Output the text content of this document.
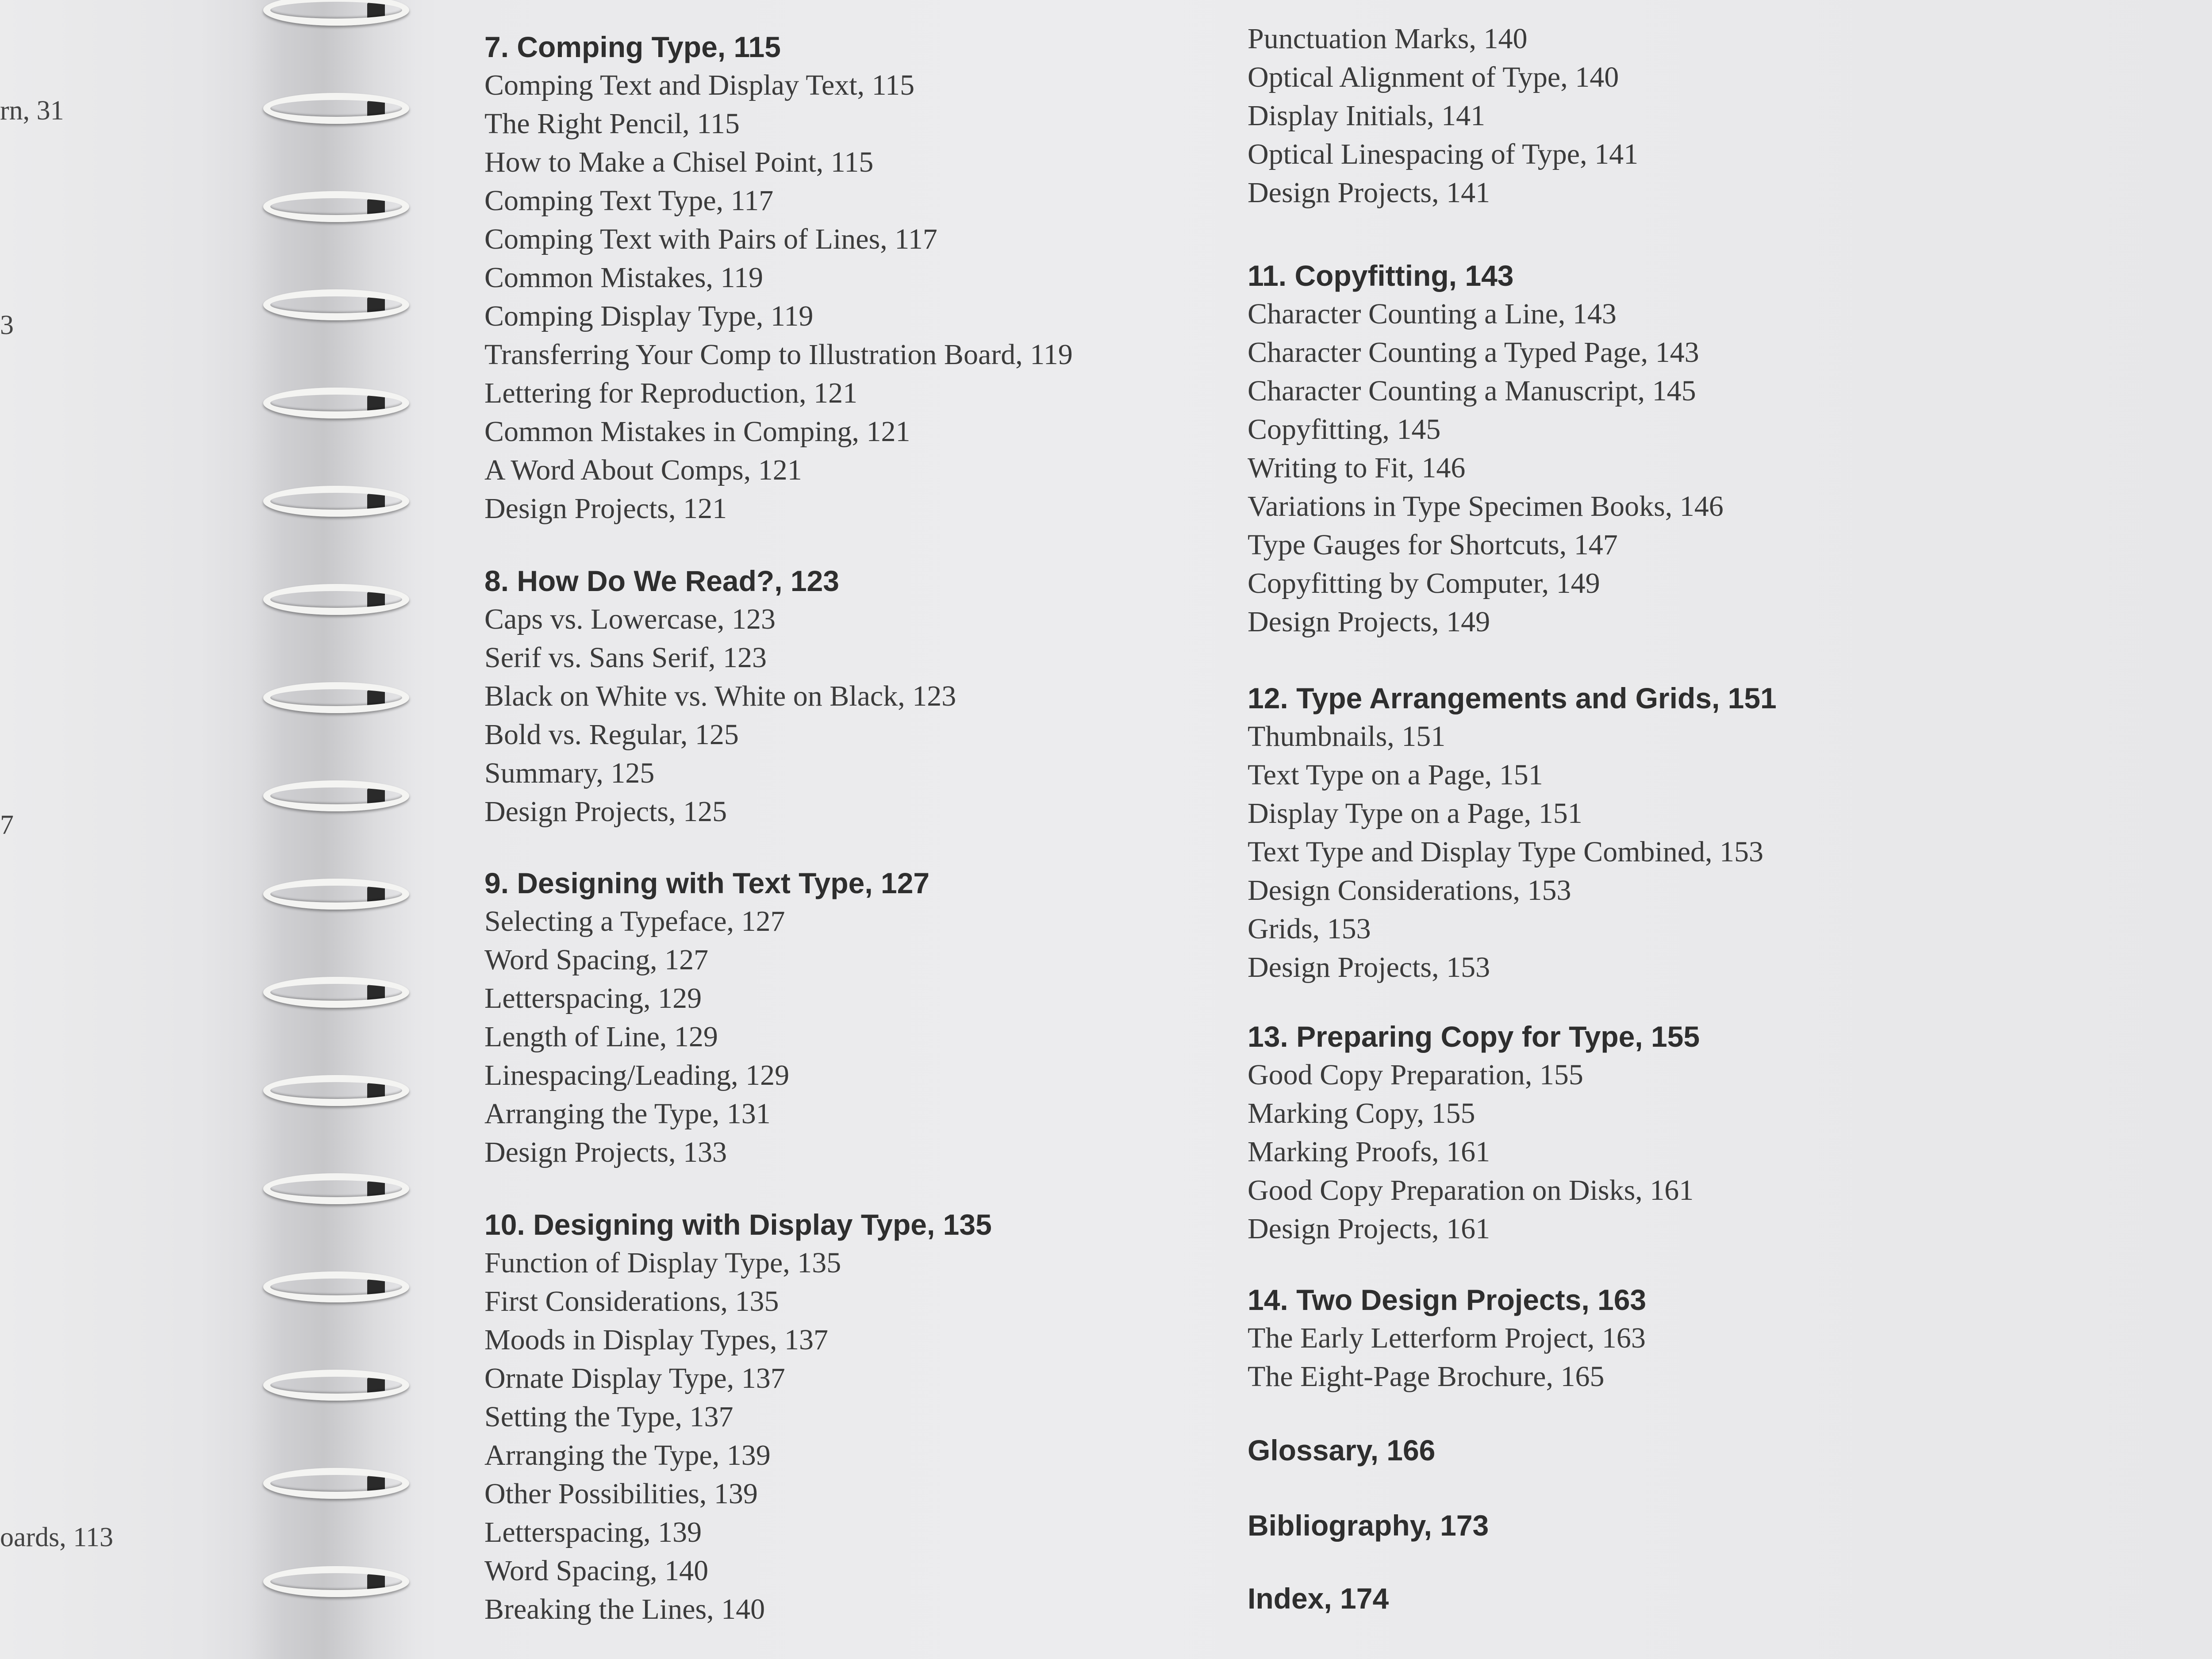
rn, 31
3
7
oards, 113
7. Comping Type, 115
Comping Text and Display Text, 115
The Right Pencil, 115
How to Make a Chisel Point, 115
Comping Text Type, 117
Comping Text with Pairs of Lines, 117
Common Mistakes, 119
Comping Display Type, 119
Transferring Your Comp to Illustration Board, 119
Lettering for Reproduction, 121
Common Mistakes in Comping, 121
A Word About Comps, 121
Design Projects, 121
8. How Do We Read?, 123
Caps vs. Lowercase, 123
Serif vs. Sans Serif, 123
Black on White vs. White on Black, 123
Bold vs. Regular, 125
Summary, 125
Design Projects, 125
9. Designing with Text Type, 127
Selecting a Typeface, 127
Word Spacing, 127
Letterspacing, 129
Length of Line, 129
Linespacing/Leading, 129
Arranging the Type, 131
Design Projects, 133
10. Designing with Display Type, 135
Function of Display Type, 135
First Considerations, 135
Moods in Display Types, 137
Ornate Display Type, 137
Setting the Type, 137
Arranging the Type, 139
Other Possibilities, 139
Letterspacing, 139
Word Spacing, 140
Breaking the Lines, 140
Punctuation Marks, 140
Optical Alignment of Type, 140
Display Initials, 141
Optical Linespacing of Type, 141
Design Projects, 141
11. Copyfitting, 143
Character Counting a Line, 143
Character Counting a Typed Page, 143
Character Counting a Manuscript, 145
Copyfitting, 145
Writing to Fit, 146
Variations in Type Specimen Books, 146
Type Gauges for Shortcuts, 147
Copyfitting by Computer, 149
Design Projects, 149
12. Type Arrangements and Grids, 151
Thumbnails, 151
Text Type on a Page, 151
Display Type on a Page, 151
Text Type and Display Type Combined, 153
Design Considerations, 153
Grids, 153
Design Projects, 153
13. Preparing Copy for Type, 155
Good Copy Preparation, 155
Marking Copy, 155
Marking Proofs, 161
Good Copy Preparation on Disks, 161
Design Projects, 161
14. Two Design Projects, 163
The Early Letterform Project, 163
The Eight-Page Brochure, 165
Glossary, 166
Bibliography, 173
Index, 174
